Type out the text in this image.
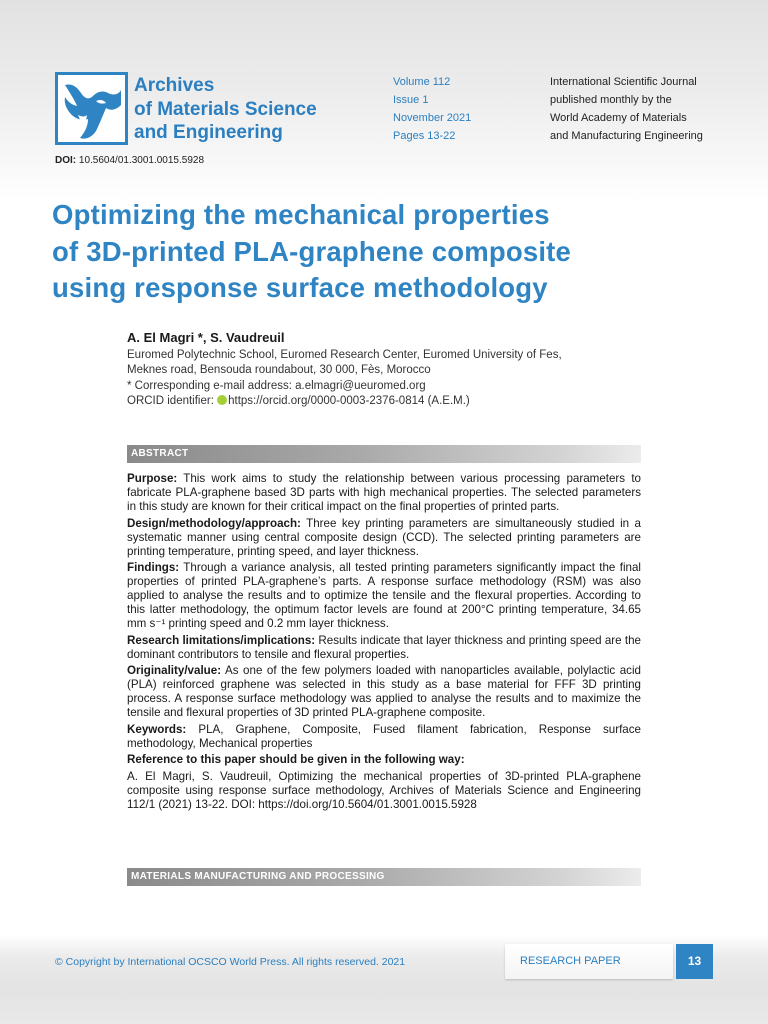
Archives
of Materials Science
and Engineering
Volume 112
Issue 1
November 2021
Pages 13-22
International Scientific Journal
published monthly by the
World Academy of Materials
and Manufacturing Engineering
DOI: 10.5604/01.3001.0015.5928
Optimizing the mechanical properties
of 3D-printed PLA-graphene composite
using response surface methodology
A. El Magri *, S. Vaudreuil
Euromed Polytechnic School, Euromed Research Center, Euromed University of Fes,
Meknes road, Bensouda roundabout, 30 000, Fès, Morocco
* Corresponding e-mail address: a.elmagri@ueuromed.org
ORCID identifier: https://orcid.org/0000-0003-2376-0814 (A.E.M.)
ABSTRACT

Purpose: This work aims to study the relationship between various processing parameters to fabricate PLA-graphene based 3D parts with high mechanical properties. The selected parameters in this study are known for their critical impact on the final properties of printed parts.

Design/methodology/approach: Three key printing parameters are simultaneously studied in a systematic manner using central composite design (CCD). The selected printing parameters are printing temperature, printing speed, and layer thickness.

Findings: Through a variance analysis, all tested printing parameters significantly impact the final properties of printed PLA-graphene’s parts. A response surface methodology (RSM) was also applied to analyse the results and to optimize the tensile and the flexural properties. According to this latter methodology, the optimum factor levels are found at 200°C printing temperature, 34.65 mm s⁻¹ printing speed and 0.2 mm layer thickness.

Research limitations/implications: Results indicate that layer thickness and printing speed are the dominant contributors to tensile and flexural properties.

Originality/value: As one of the few polymers loaded with nanoparticles available, polylactic acid (PLA) reinforced graphene was selected in this study as a base material for FFF 3D printing process. A response surface methodology was applied to analyse the results and to maximize the tensile and flexural properties of 3D printed PLA-graphene composite.

Keywords: PLA, Graphene, Composite, Fused filament fabrication, Response surface methodology, Mechanical properties

Reference to this paper should be given in the following way:

A. El Magri, S. Vaudreuil, Optimizing the mechanical properties of 3D-printed PLA-graphene composite using response surface methodology, Archives of Materials Science and Engineering 112/1 (2021) 13-22. DOI: https://doi.org/10.5604/01.3001.0015.5928

MATERIALS MANUFACTURING AND PROCESSING
© Copyright by International OCSCO World Press. All rights reserved. 2021	RESEARCH PAPER	13
